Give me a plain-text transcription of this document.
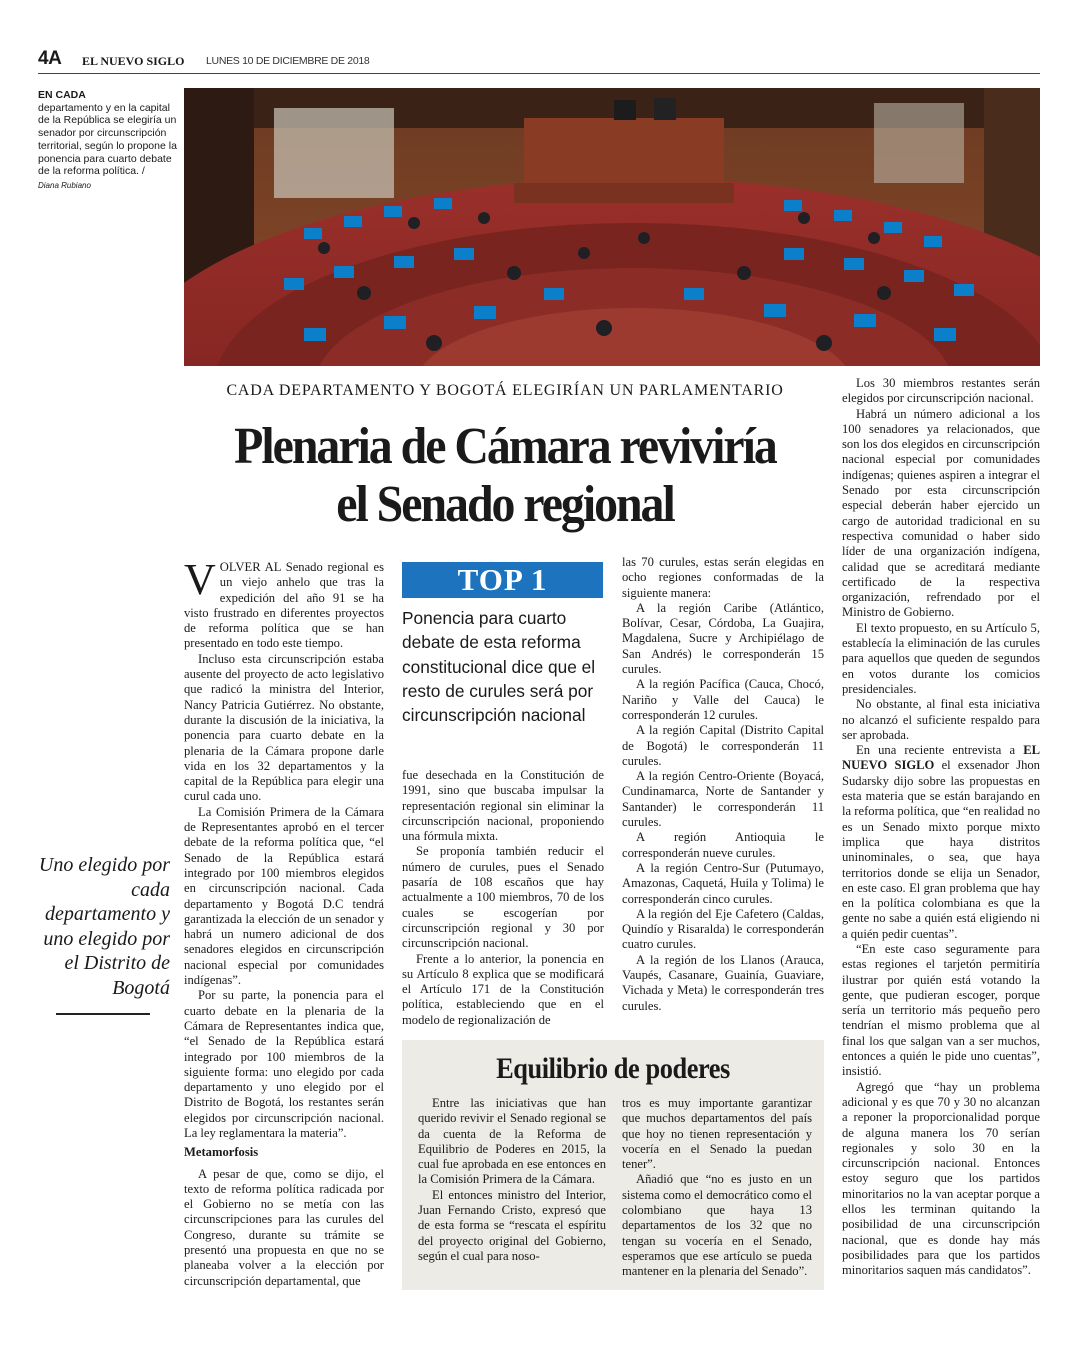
4A EL NUEVO SIGLO LUNES 10 DE DICIEMBRE DE 2018
EN CADA
departamento y en la capital de la República se elegiría un senador por circunscripción territorial, según lo propone la ponencia para cuarto debate de la reforma política. /
Diana Rubiano
CADA DEPARTAMENTO Y BOGOTÁ ELEGIRÍAN UN PARLAMENTARIO
Plenaria de Cámara reviviría
el Senado regional

VOLVER AL Senado regional es un viejo anhelo que tras la expedición del año 91 se ha visto frustrado en diferentes proyectos de reforma política que se han presentado en todo este tiempo.

Incluso esta circunscripción estaba ausente del proyecto de acto legislativo que radicó la ministra del Interior, Nancy Patricia Gutiérrez. No obstante, durante la discusión de la iniciativa, la ponencia para cuarto debate en la plenaria de la Cámara propone darle vida en los 32 departamentos y la capital de la República para elegir una curul cada uno.

La Comisión Primera de la Cámara de Representantes aprobó en el tercer debate de la reforma política que, “el Senado de la República estará integrado por 100 miembros elegidos en circunscripción nacional. Cada departamento y Bogotá D.C tendrá garantizada la elección de un senador y habrá un numero adicional de dos senadores elegidos en circunscripción nacional especial por comunidades indígenas”.

Por su parte, la ponencia para el cuarto debate en la plenaria de la Cámara de Representantes indica que, “el Senado de la República estará integrado por 100 miembros de la siguiente forma: uno elegido por cada departamento y uno elegido por el Distrito de Bogotá, los restantes serán elegidos por circunscripción nacional. La ley reglamentara la materia”.

Metamorfosis

A pesar de que, como se dijo, el texto de reforma política radicada por el Gobierno no se metía con las circunscripciones para las curules del Congreso, durante su trámite se presentó una propuesta en que no se planeaba volver a la elección por circunscripción departamental, que

Uno elegido por cada departamento y uno elegido por el Distrito de Bogotá
TOP 1
Ponencia para cuarto debate de esta reforma constitucional dice que el resto de curules será por circunscripción nacional

fue desechada en la Constitución de 1991, sino que buscaba impulsar la representación regional sin eliminar la circunscripción nacional, proponiendo una fórmula mixta.

Se proponía también reducir el número de curules, pues el Senado pasaría de 108 escaños que hay actualmente a 100 miembros, 70 de los cuales se escogerían por circunscripción regional y 30 por circunscripción nacional.

Frente a lo anterior, la ponencia en su Artículo 8 explica que se modificará el Artículo 171 de la Constitución política, estableciendo que en el modelo de regionalización de

las 70 curules, estas serán elegidas en ocho regiones conformadas de la siguiente manera:

A la región Caribe (Atlántico, Bolívar, Cesar, Córdoba, La Guajira, Magdalena, Sucre y Archipiélago de San Andrés) le corresponderán 15 curules.

A la región Pacífica (Cauca, Chocó, Nariño y Valle del Cauca) le corresponderán 12 curules.

A la región Capital (Distrito Capital de Bogotá) le corresponderán 11 curules.

A la región Centro-Oriente (Boyacá, Cundinamarca, Norte de Santander y Santander) le corresponderán 11 curules.

A región Antioquia le corresponderán nueve curules.

A la región Centro-Sur (Putumayo, Amazonas, Caquetá, Huila y Tolima) le corresponderán cinco curules.

A la región del Eje Cafetero (Caldas, Quindío y Risaralda) le corresponderán cuatro curules.

A la región de los Llanos (Arauca, Vaupés, Casanare, Guainía, Guaviare, Vichada y Meta) le corresponderán tres curules.

Los 30 miembros restantes serán elegidos por circunscripción nacional.

Habrá un número adicional a los 100 senadores ya relacionados, que son los dos elegidos en circunscripción nacional especial por comunidades indígenas; quienes aspiren a integrar el Senado por esta circunscripción especial deberán haber ejercido un cargo de autoridad tradicional en su respectiva comunidad o haber sido líder de una organización indígena, calidad que se acreditará mediante certificado de la respectiva organización, refrendado por el Ministro de Gobierno.

El texto propuesto, en su Artículo 5, establecía la eliminación de las curules para aquellos que queden de segundos en votos durante los comicios presidenciales.

No obstante, al final esta iniciativa no alcanzó el suficiente respaldo para ser aprobada.

En una reciente entrevista a EL NUEVO SIGLO el exsenador Jhon Sudarsky dijo sobre las propuestas en esta materia que se están barajando en la reforma política, que “en realidad no es un Senado mixto porque mixto implica que haya distritos uninominales, o sea, que haya territorios donde se elija un Senador, en este caso. El gran problema que hay en la política colombiana es que la gente no sabe a quién está eligiendo ni a quién pedir cuentas”.

“En este caso seguramente para estas regiones el tarjetón permitiría ilustrar por quién está votando la gente, que pudieran escoger, porque sería un territorio más pequeño pero tendrían el mismo problema que al final los que salgan van a ser muchos, entonces a quién le pide uno cuentas”, insistió.

Agregó que “hay un problema adicional y es que 70 y 30 no alcanzan a reponer la proporcionalidad porque de alguna manera los 70 serían regionales y solo 30 en la circunscripción nacional. Entonces estoy seguro que los partidos minoritarios no la van aceptar porque a ellos les terminan quitando la posibilidad de una circunscripción nacional, que es donde hay más posibilidades para que los partidos minoritarios saquen más candidatos”.

Equilibrio de poderes

Entre las iniciativas que han querido revivir el Senado regional se da cuenta de la Reforma de Equilibrio de Poderes en 2015, la cual fue aprobada en ese entonces en la Comisión Primera de la Cámara.

El entonces ministro del Interior, Juan Fernando Cristo, expresó que de esta forma se “rescata el espíritu del proyecto original del Gobierno, según el cual para noso-

tros es muy importante garantizar que muchos departamentos del país que hoy no tienen representación y vocería en el Senado la puedan tener”.

Añadió que “no es justo en un sistema como el democrático como el colombiano que haya 13 departamentos de los 32 que no tengan su vocería en el Senado, esperamos que ese artículo se pueda mantener en la plenaria del Senado”.
